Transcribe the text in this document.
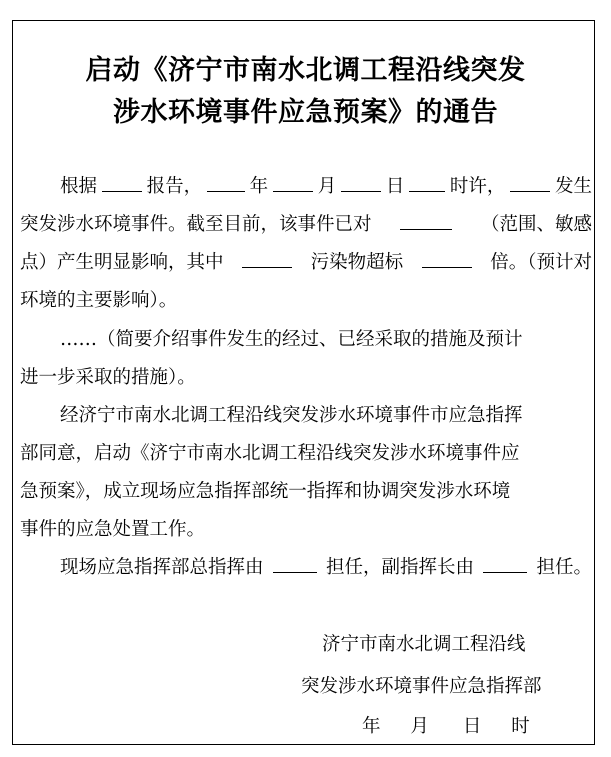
启动《济宁市南水北调工程沿线突发
涉水环境事件应急预案》的通告
根据	报告，	年	月	日 时许，	发生
突发涉水环境事件。截至目前，该事件已对	（范围、敏感
点）产生明显影响，其中	污染物超标	倍。（预计对
环境的主要影响）。
……（简要介绍事件发生的经过、已经采取的措施及预计
进一步采取的措施）。
经济宁市南水北调工程沿线突发涉水环境事件市应急指挥
部同意，启动《济宁市南水北调工程沿线突发涉水环境事件应
急预案》，成立现场应急指挥部统一指挥和协调突发涉水环境
事件的应急处置工作。
现场应急指挥部总指挥由	担任，副指挥长由	担任。
济宁市南水北调工程沿线
突发涉水环境事件应急指挥部
年 月 日 时
